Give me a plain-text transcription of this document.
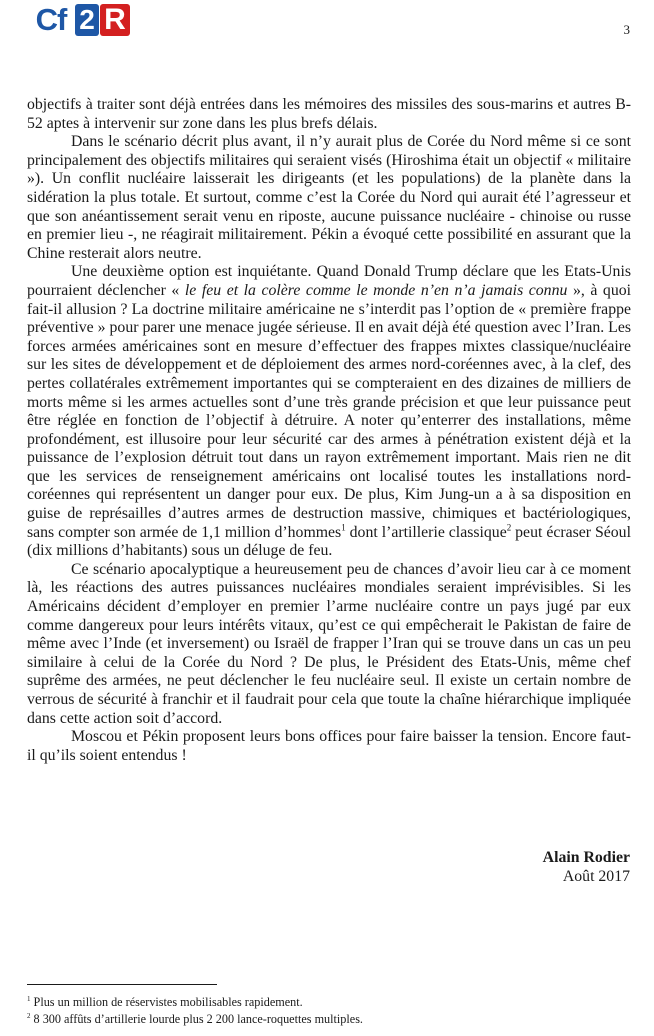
Cf 2 R	3

objectifs à traiter sont déjà entrées dans les mémoires des missiles des sous-marins et autres B-52 aptes à intervenir sur zone dans les plus brefs délais.

Dans le scénario décrit plus avant, il n’y aurait plus de Corée du Nord même si ce sont principalement des objectifs militaires qui seraient visés (Hiroshima était un objectif « militaire »). Un conflit nucléaire laisserait les dirigeants (et les populations) de la planète dans la sidération la plus totale. Et surtout, comme c’est la Corée du Nord qui aurait été l’agresseur et que son anéantissement serait venu en riposte, aucune puissance nucléaire - chinoise ou russe en premier lieu -, ne réagirait militairement. Pékin a évoqué cette possibilité en assurant que la Chine resterait alors neutre.

Une deuxième option est inquiétante. Quand Donald Trump déclare que les Etats-Unis pourraient déclencher « le feu et la colère comme le monde n’en n’a jamais connu », à quoi fait-il allusion ? La doctrine militaire américaine ne s’interdit pas l’option de « première frappe préventive » pour parer une menace jugée sérieuse. Il en avait déjà été question avec l’Iran. Les forces armées américaines sont en mesure d’effectuer des frappes mixtes classique/nucléaire sur les sites de développement et de déploiement des armes nord-coréennes avec, à la clef, des pertes collatérales extrêmement importantes qui se compteraient en des dizaines de milliers de morts même si les armes actuelles sont d’une très grande précision et que leur puissance peut être réglée en fonction de l’objectif à détruire. A noter qu’enterrer des installations, même profondément, est illusoire pour leur sécurité car des armes à pénétration existent déjà et la puissance de l’explosion détruit tout dans un rayon extrêmement important. Mais rien ne dit que les services de renseignement américains ont localisé toutes les installations nord-coréennes qui représentent un danger pour eux. De plus, Kim Jung-un a à sa disposition en guise de représailles d’autres armes de destruction massive, chimiques et bactériologiques, sans compter son armée de 1,1 million d’hommes$^1$ dont l’artillerie classique$^2$ peut écraser Séoul (dix millions d’habitants) sous un déluge de feu.

Ce scénario apocalyptique a heureusement peu de chances d’avoir lieu car à ce moment là, les réactions des autres puissances nucléaires mondiales seraient imprévisibles. Si les Américains décident d’employer en premier l’arme nucléaire contre un pays jugé par eux comme dangereux pour leurs intérêts vitaux, qu’est ce qui empêcherait le Pakistan de faire de même avec l’Inde (et inversement) ou Israël de frapper l’Iran qui se trouve dans un cas un peu similaire à celui de la Corée du Nord ? De plus, le Président des Etats-Unis, même chef suprême des armées, ne peut déclencher le feu nucléaire seul. Il existe un certain nombre de verrous de sécurité à franchir et il faudrait pour cela que toute la chaîne hiérarchique impliquée dans cette action soit d’accord.

Moscou et Pékin proposent leurs bons offices pour faire baisser la tension. Encore faut-il qu’ils soient entendus !

Alain Rodier
Août 2017
$^1$ Plus un million de réservistes mobilisables rapidement.
$^2$ 8 300 affûts d’artillerie lourde plus 2 200 lance-roquettes multiples.
